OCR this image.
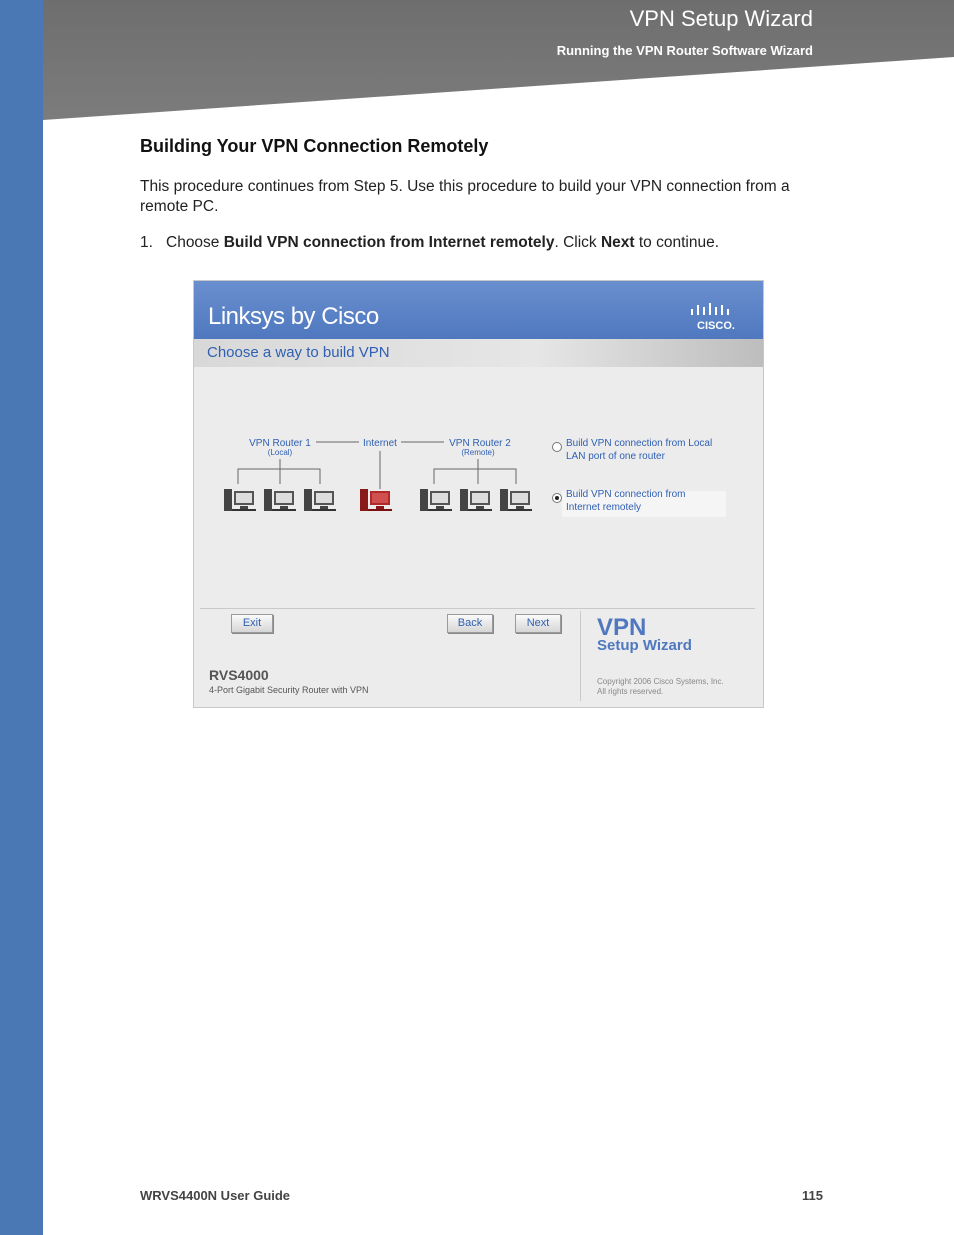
VPN Setup Wizard
Running the VPN Router Software Wizard
Building Your VPN Connection Remotely
This procedure continues from Step 5. Use this procedure to build your VPN connection from a remote PC.
1. Choose Build VPN connection from Internet remotely. Click Next to continue.
Linksys by Cisco	CISCO.
Choose a way to build VPN
VPN Router 1
(Local)
Internet	VPN Router 2
(Remote)
Build VPN connection from Local
LAN port of one router
Build VPN connection from
Internet remotely
Exit	Back	Next
RVS4000
4-Port Gigabit Security Router with VPN
VPN
Setup Wizard
Copyright 2006 Cisco Systems, Inc.
All rights reserved.
WRVS4400N User Guide	115
